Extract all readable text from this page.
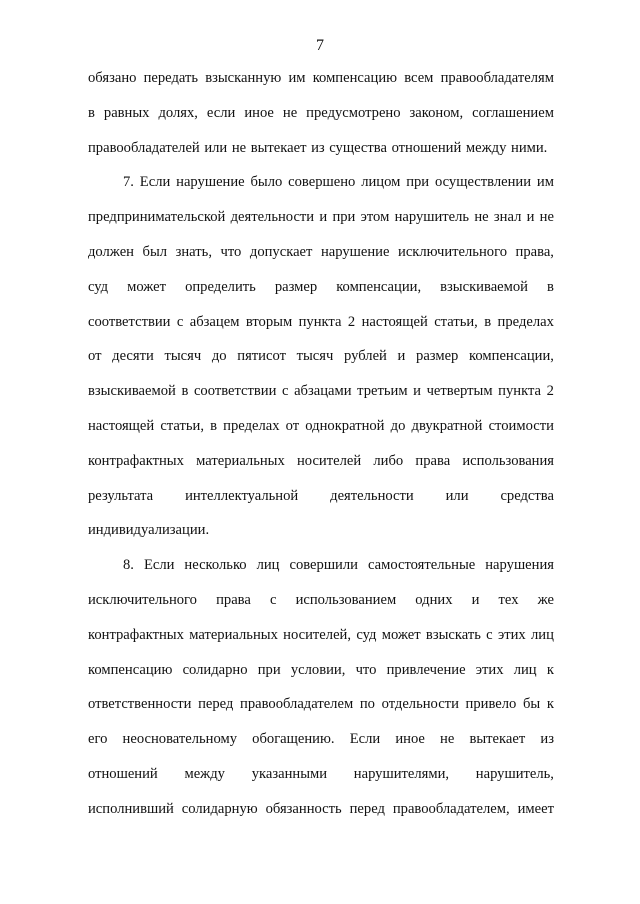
7
обязано передать взысканную им компенсацию всем правообладателям
в равных долях, если иное не предусмотрено законом, соглашением
правообладателей или не вытекает из существа отношений между ними.
7. Если нарушение было совершено лицом при осуществлении им
предпринимательской деятельности и при этом нарушитель не знал и не
должен был знать, что допускает нарушение исключительного права,
суд может определить размер компенсации, взыскиваемой в
соответствии с абзацем вторым пункта 2 настоящей статьи, в пределах
от десяти тысяч до пятисот тысяч рублей и размер компенсации,
взыскиваемой в соответствии с абзацами третьим и четвертым пункта 2
настоящей статьи, в пределах от однократной до двукратной стоимости
контрафактных материальных носителей либо права использования
результата интеллектуальной деятельности или средства
индивидуализации.
8. Если несколько лиц совершили самостоятельные нарушения
исключительного права с использованием одних и тех же
контрафактных материальных носителей, суд может взыскать с этих лиц
компенсацию солидарно при условии, что привлечение этих лиц к
ответственности перед правообладателем по отдельности привело бы к
его неосновательному обогащению. Если иное не вытекает из
отношений между указанными нарушителями, нарушитель,
исполнивший солидарную обязанность перед правообладателем, имеет
